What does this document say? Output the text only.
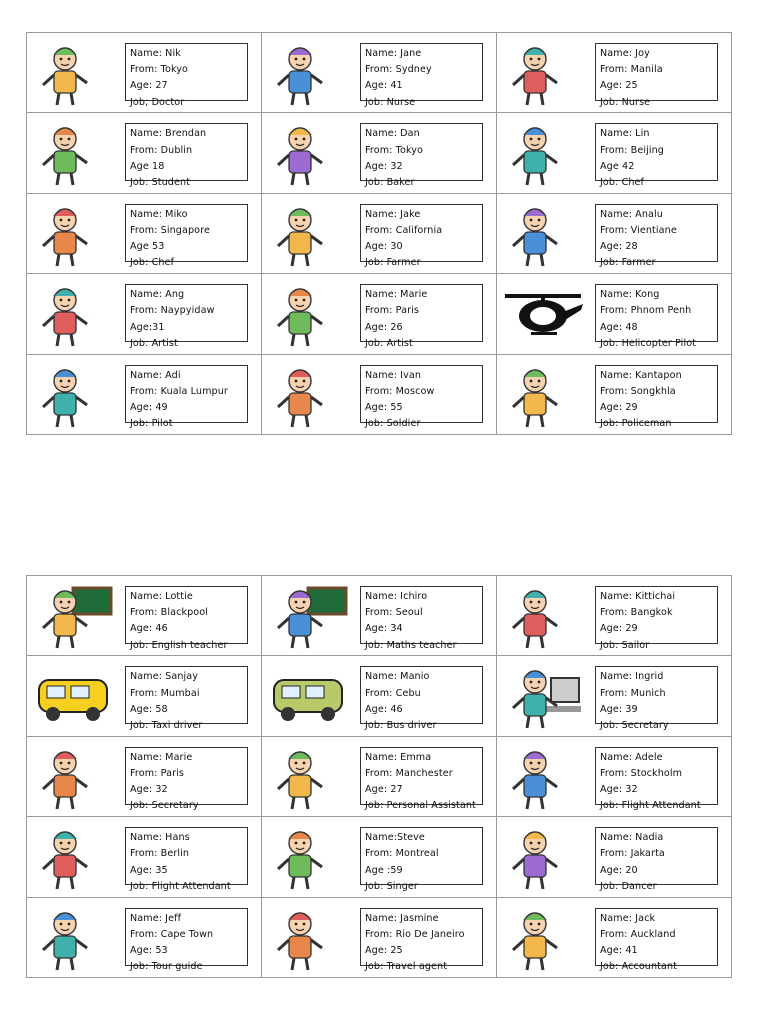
Name: Nik
From: Tokyo
Age: 27
Job; Doctor
Name: Jane
From: Sydney
Age: 41
Job: Nurse
Name: Joy
From: Manila
Age: 25
Job: Nurse
Name: Brendan
From: Dublin
Age 18
Job: Student
Name: Dan
From: Tokyo
Age: 32
Job: Baker
Name: Lin
From: Beijing
Age 42
Job: Chef
Name: Miko
From: Singapore
Age 53
Job: Chef
Name: Jake
From: California
Age: 30
Job: Farmer
Name: Analu
From: Vientiane
Age: 28
Job: Farmer
Name: Ang
From: Naypyidaw
Age:31
Job: Artist
Name: Marie
From: Paris
Age: 26
Job: Artist
Name: Kong
From: Phnom Penh
Age: 48
Job: Helicopter Pilot
Name: Adi
From: Kuala Lumpur
Age: 49
Job: Pilot
Name: Ivan
From: Moscow
Age: 55
Job: Soldier
Name: Kantapon
From: Songkhla
Age: 29
Job: Policeman
Name: Lottie
From: Blackpool
Age: 46
Job: English teacher
Name: Ichiro
From: Seoul
Age: 34
Job: Maths teacher
Name: Kittichai
From: Bangkok
Age: 29
Job: Sailor
Name: Sanjay
From: Mumbai
Age: 58
Job: Taxi driver
Name: Manio
From: Cebu
Age: 46
Job: Bus driver
Name: Ingrid
From: Munich
Age: 39
Job: Secretary
Name: Marie
From: Paris
Age: 32
Job: Secretary
Name: Emma
From: Manchester
Age: 27
Job: Personal Assistant
Name: Adele
From: Stockholm
Age: 32
Job: Flight Attendant
Name: Hans
From: Berlin
Age: 35
Job: Flight Attendant
Name:Steve
From: Montreal
Age :59
Job: Singer
Name: Nadia
From: Jakarta
Age: 20
Job: Dancer
Name: Jeff
From: Cape Town
Age: 53
Job: Tour guide
Name: Jasmine
From: Rio De Janeiro
Age: 25
Job: Travel agent
Name: Jack
From: Auckland
Age: 41
Job: Accountant
